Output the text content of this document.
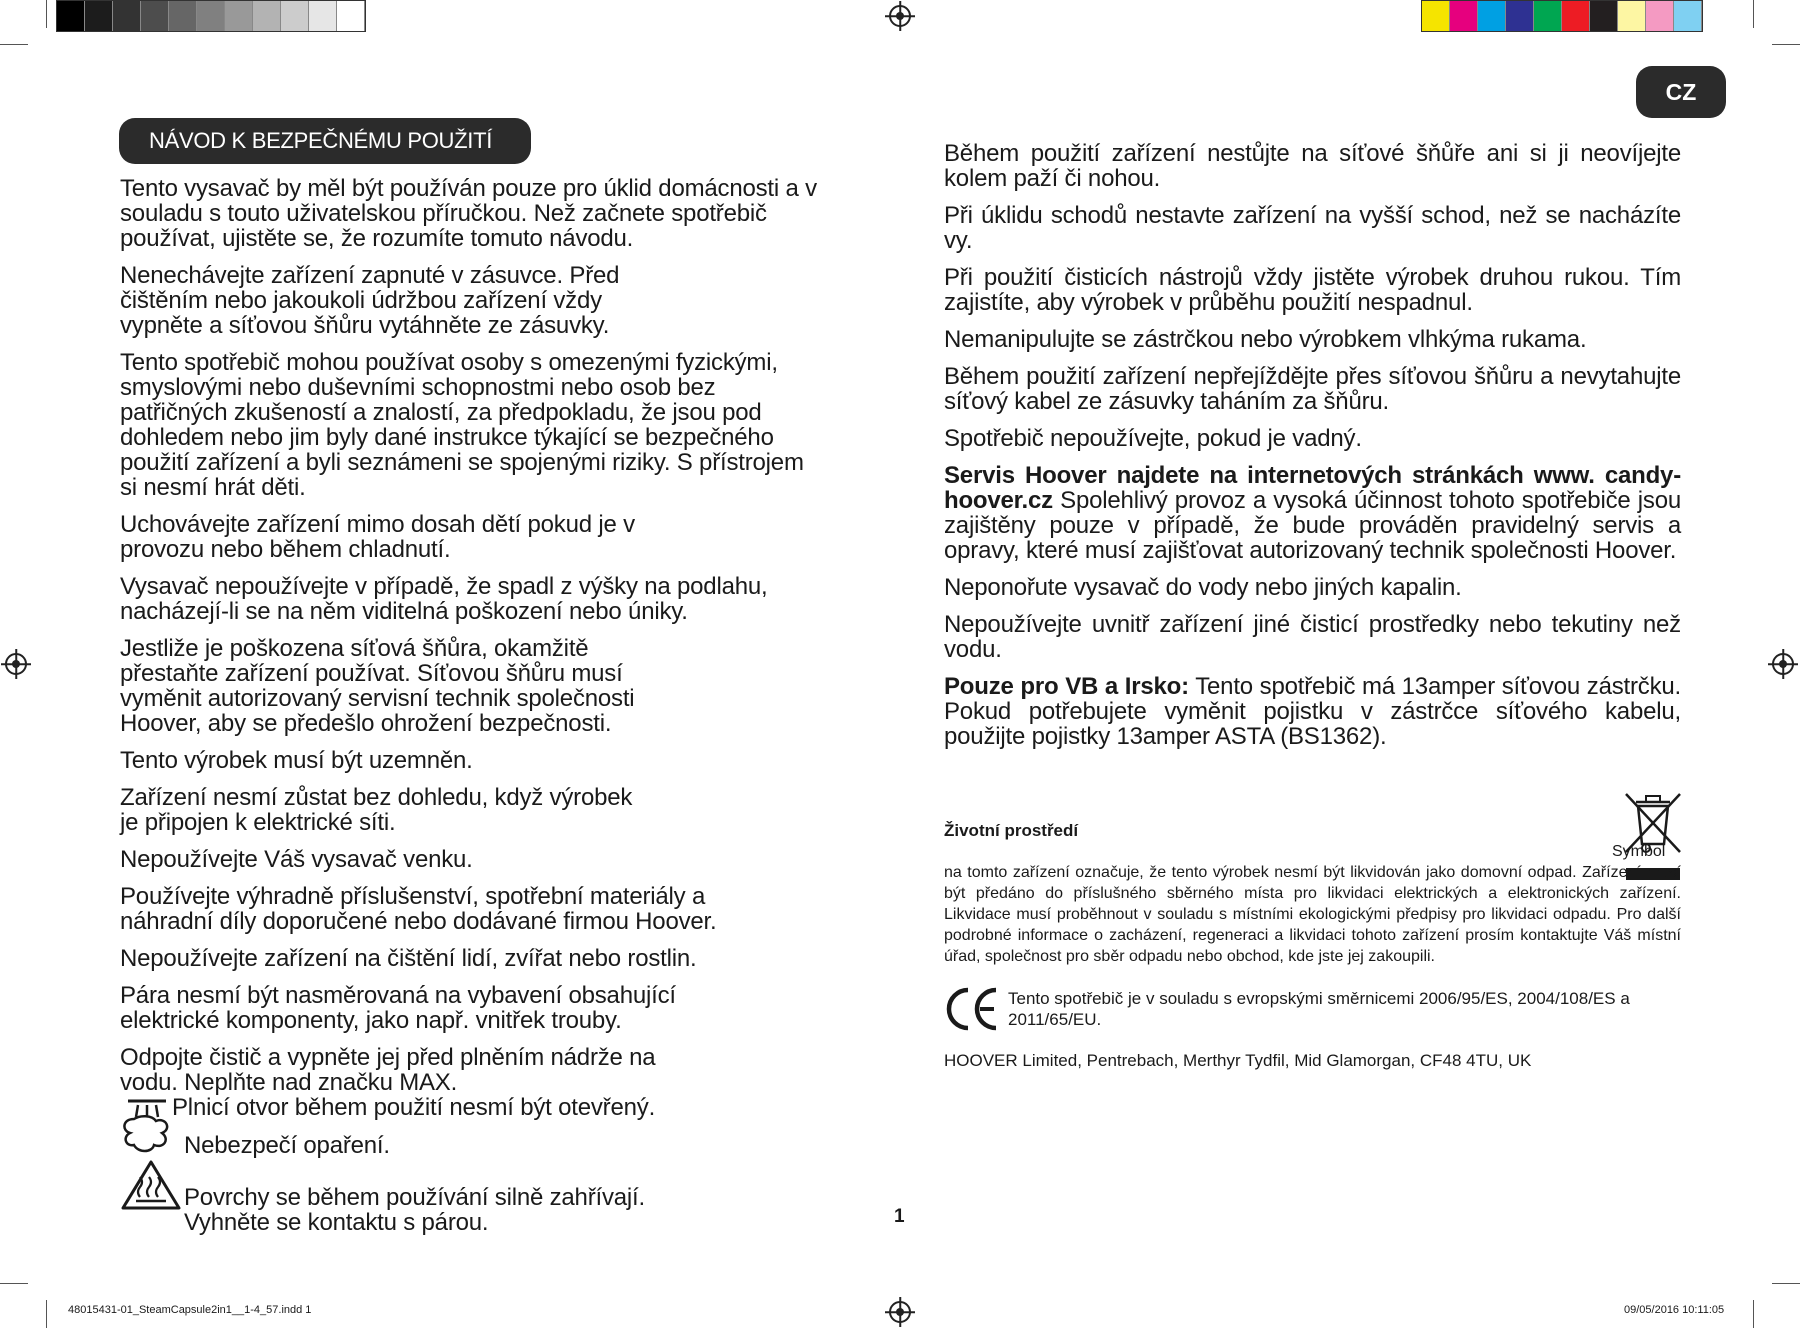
NÁVOD K BEZPEČNÉMU POUŽITÍ
CZ

Tento vysavač by měl být používán pouze pro úklid domácnosti a v souladu s touto uživatelskou příručkou. Než začnete spotřebič používat, ujistěte se, že rozumíte tomuto návodu.

Nenechávejte zařízení zapnuté v zásuvce. Před čištěním nebo jakoukoli údržbou zařízení vždy vypněte a síťovou šňůru vytáhněte ze zásuvky.

Tento spotřebič mohou používat osoby s omezenými fyzickými, smyslovými nebo duševními schopnostmi nebo osob bez patřičných zkušeností a znalostí, za předpokladu, že jsou pod dohledem nebo jim byly dané instrukce týkající se bezpečného použití zařízení a byli seznámeni se spojenými riziky. S přístrojem si nesmí hrát děti.

Uchovávejte zařízení mimo dosah dětí pokud je v provozu nebo během chladnutí.

Vysavač nepoužívejte v případě, že spadl z výšky na podlahu, nacházejí-li se na něm viditelná poškození nebo úniky.

Jestliže je poškozena síťová šňůra, okamžitě přestaňte zařízení používat. Síťovou šňůru musí vyměnit autorizovaný servisní technik společnosti Hoover, aby se předešlo ohrožení bezpečnosti.

Tento výrobek musí být uzemněn.

Zařízení nesmí zůstat bez dohledu, když výrobek je připojen k elektrické síti.

Nepoužívejte Váš vysavač venku.

Používejte výhradně příslušenství, spotřební materiály a náhradní díly doporučené nebo dodávané firmou Hoover.

Nepoužívejte zařízení na čištění lidí, zvířat nebo rostlin.

Pára nesmí být nasměrovaná na vybavení obsahující elektrické komponenty, jako např. vnitřek trouby.

Odpojte čistič a vypněte jej před plněním nádrže na vodu. Neplňte nad značku MAX.

Plnicí otvor během použití nesmí být otevřený.

Nebezpečí opaření.

Povrchy se během používání silně zahřívají.

Vyhněte se kontaktu s párou.

Během použití zařízení nestůjte na síťové šňůře ani si ji neovíjejte kolem paží či nohou.

Při úklidu schodů nestavte zařízení na vyšší schod, než se nacházíte vy.

Při použití čisticích nástrojů vždy jistěte výrobek druhou rukou. Tím zajistíte, aby výrobek v průběhu použití nespadnul.

Nemanipulujte se zástrčkou nebo výrobkem vlhkýma rukama.

Během použití zařízení nepřejíždějte přes síťovou šňůru a nevytahujte síťový kabel ze zásuvky taháním za šňůru.

Spotřebič nepoužívejte, pokud je vadný.

Servis Hoover najdete na internetových stránkách www. candy-hoover.cz Spolehlivý provoz a vysoká účinnost tohoto spotřebiče jsou zajištěny pouze v případě, že bude prováděn pravidelný servis a opravy, které musí zajišťovat autorizovaný technik společnosti Hoover.

Neponořute vysavač do vody nebo jiných kapalin.

Nepoužívejte uvnitř zařízení jiné čisticí prostředky nebo tekutiny než vodu.

Pouze pro VB a Irsko: Tento spotřebič má 13amper síťovou zástrčku. Pokud potřebujete vyměnit pojistku v zástrčce síťového kabelu, použijte pojistky 13amper ASTA (BS1362).

Životní prostředí

Symbol na tomto zařízení označuje, že tento výrobek nesmí být likvidován jako domovní odpad. Zařízení musí být předáno do příslušného sběrného místa pro likvidaci elektrických a elektronických zařízení. Likvidace musí proběhnout v souladu s místními ekologickými předpisy pro likvidaci odpadu. Pro další podrobné informace o zacházení, regeneraci a likvidaci tohoto zařízení prosím kontaktujte Váš místní úřad, společnost pro sběr odpadu nebo obchod, kde jste jej zakoupili.

Tento spotřebič je v souladu s evropskými směrnicemi 2006/95/ES, 2004/108/ES a 2011/65/EU.
HOOVER Limited, Pentrebach, Merthyr Tydfil, Mid Glamorgan, CF48 4TU, UK
1
48015431-01_SteamCapsule2in1__1-4_57.indd 1	09/05/2016 10:11:05
